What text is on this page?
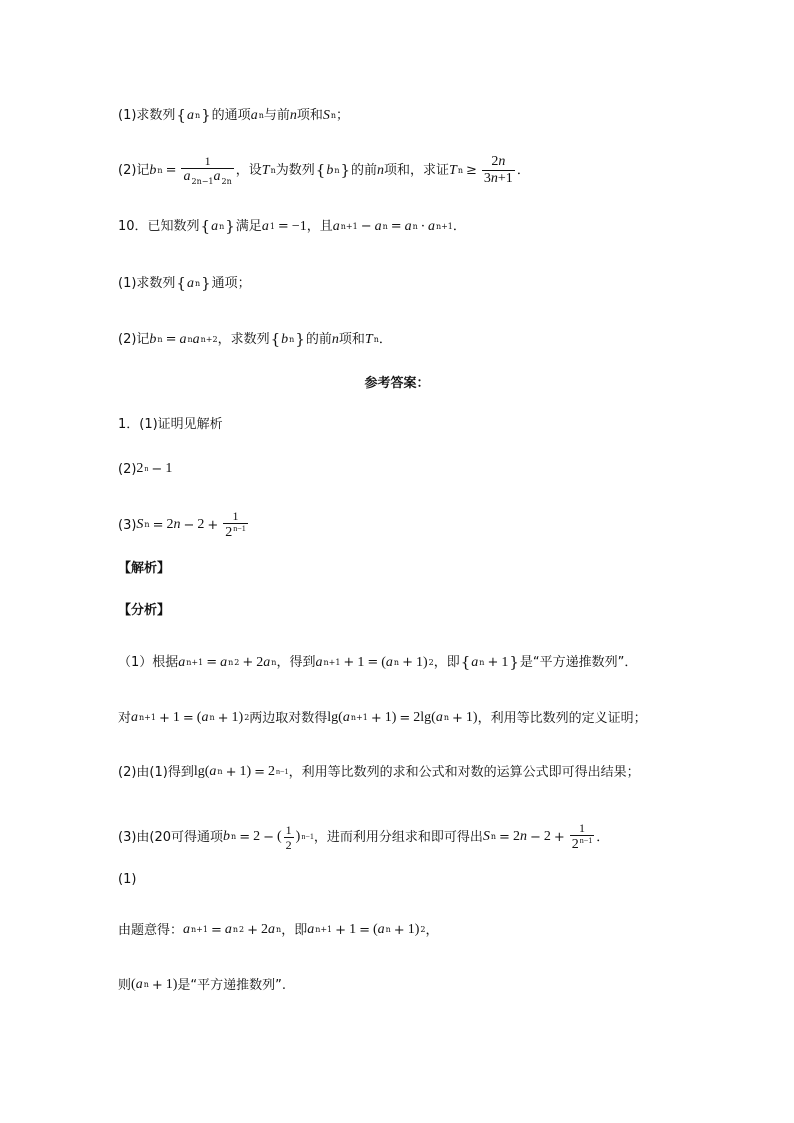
(1)求数列 { a n } 的通项 a n 与前 n 项和 S n ；
(2)记 b $n = \frac{1}{a_{2n-1}a_{2n}}$ ，设 T n 为数列 { b n } 的前 n 项和，求证 T $n \ge \frac{2n}{3n+1}$ ．
10．已知数列 { a n } 满足 a 1 = −1 ，且 a n+1 − a n = a n · a n+1 ．
(1)求数列 { a n } 通项；
(2)记 b n = a n a n+2 ，求数列 { b n } 的前 n 项和 T n ．
参考答案：
1．(1)证明见解析
(2) 2 n − 1
(3) S n = 2 $n - 2 + \frac{1}{2^{n-1}}$
【解析】
【分析】
（1）根据 a n+1 = a n 2 + 2 a n ，得到 a n+1 + 1 = ( a n + 1) 2 ，即 { a n + 1 } 是“平方递推数列”．
对 a n+1 + 1 = ( a n + 1) 2 两边取对数得 lg( a n+1 + 1) = 2lg( a n + 1) ，利用等比数列的定义证明；
(2)由(1)得到 lg( a n + 1) = 2 n−1 ，利用等比数列的求和公式和对数的运算公式即可得出结果；
(3)由(20可得通项 b n = 2 − ( $\frac{1}{2}$ ) n−1 ，进而利用分组求和即可得出 S n = 2 $n - 2 + \frac{1}{2^{n-1}}$ ．
(1)
由题意得： a n+1 = a n 2 + 2 a n ，即 a n+1 + 1 = ( a n + 1) 2 ，
则 ( a n + 1) 是“平方递推数列”.
